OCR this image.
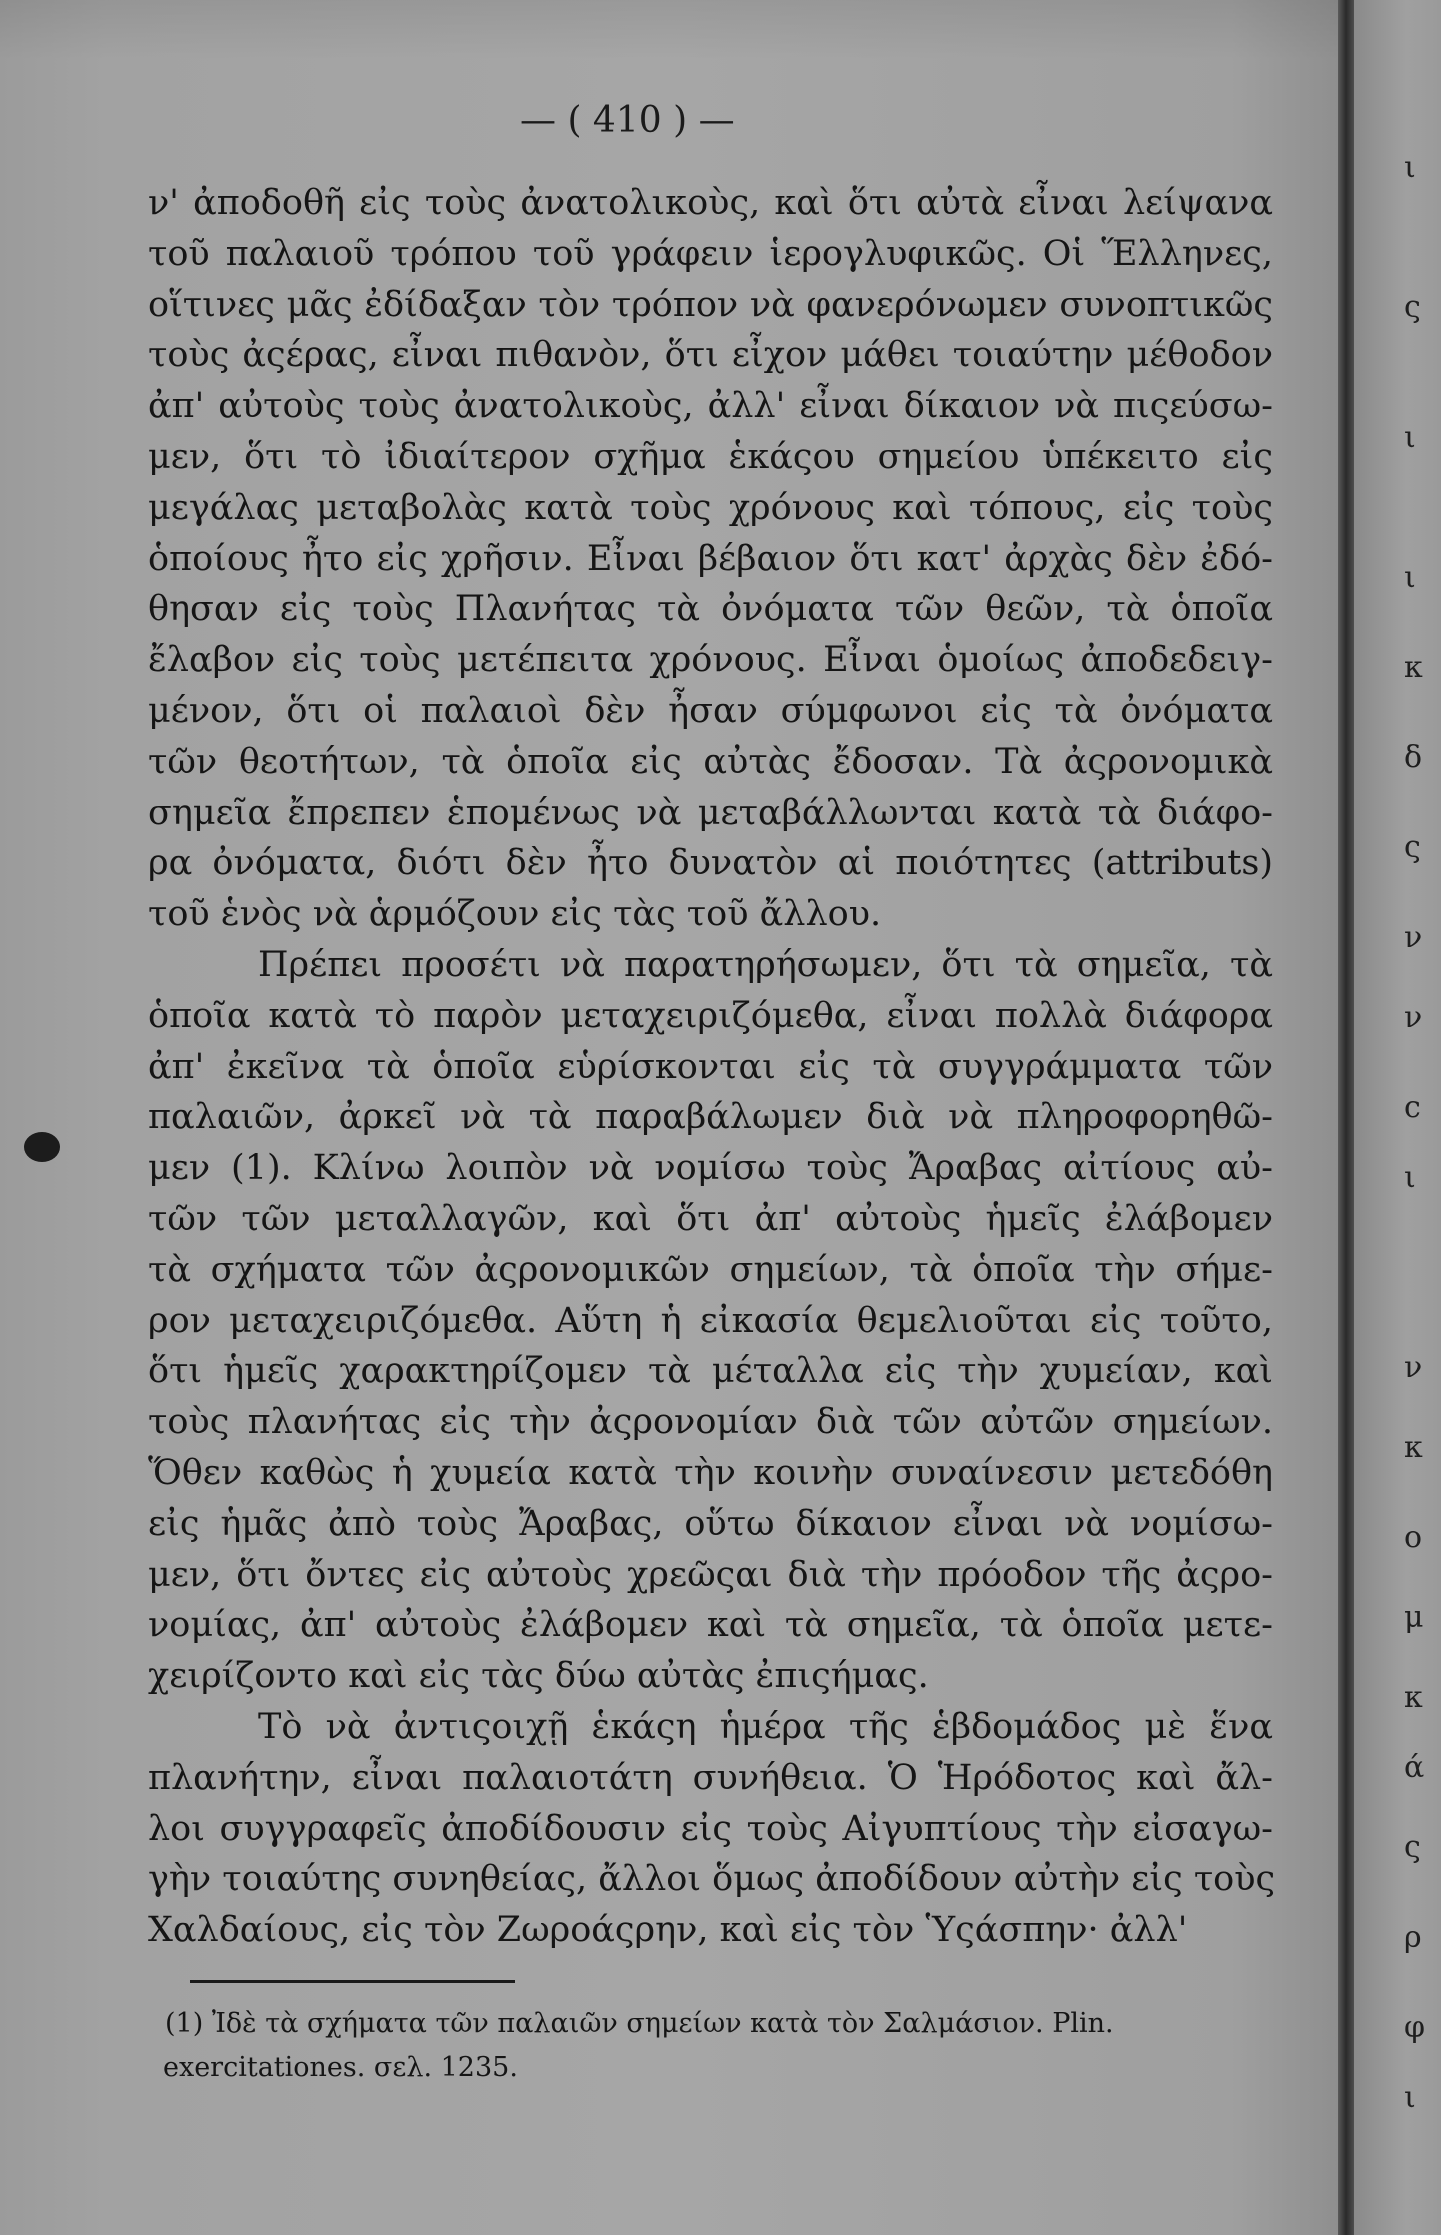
— ( 410 ) —
ν' ἀποδοθῆ εἰς τοὺς ἀνατολικοὺς, καὶ ὅτι αὐτὰ εἶναι λείψανα
τοῦ παλαιοῦ τρόπου τοῦ γράφειν ἱερογλυφικῶς. Οἱ Ἕλληνες,
οἵτινες μᾶς ἐδίδαξαν τὸν τρόπον νὰ φανερόνωμεν συνοπτικῶς
τοὺς ἀςέρας, εἶναι πιθανὸν, ὅτι εἶχον μάθει τοιαύτην μέθοδον
ἀπ' αὐτοὺς τοὺς ἀνατολικοὺς, ἀλλ' εἶναι δίκαιον νὰ πιςεύσω-
μεν, ὅτι τὸ ἰδιαίτερον σχῆμα ἑκάςου σημείου ὑπέκειτο εἰς
μεγάλας μεταβολὰς κατὰ τοὺς χρόνους καὶ τόπους, εἰς τοὺς
ὁποίους ἦτο εἰς χρῆσιν. Εἶναι βέβαιον ὅτι κατ' ἀρχὰς δὲν ἐδό-
θησαν εἰς τοὺς Πλανήτας τὰ ὀνόματα τῶν θεῶν, τὰ ὁποῖα
ἔλαβον εἰς τοὺς μετέπειτα χρόνους. Εἶναι ὁμοίως ἀποδεδειγ-
μένον, ὅτι οἱ παλαιοὶ δὲν ἦσαν σύμφωνοι εἰς τὰ ὀνόματα
τῶν θεοτήτων, τὰ ὁποῖα εἰς αὐτὰς ἔδοσαν. Τὰ ἀςρονομικὰ
σημεῖα ἔπρεπεν ἑπομένως νὰ μεταβάλλωνται κατὰ τὰ διάφο-
ρα ὀνόματα, διότι δὲν ἦτο δυνατὸν αἱ ποιότητες (attributs)
τοῦ ἑνὸς νὰ ἁρμόζουν εἰς τὰς τοῦ ἄλλου.
Πρέπει προσέτι νὰ παρατηρήσωμεν, ὅτι τὰ σημεῖα, τὰ
ὁποῖα κατὰ τὸ παρὸν μεταχειριζόμεθα, εἶναι πολλὰ διάφορα
ἀπ' ἐκεῖνα τὰ ὁποῖα εὑρίσκονται εἰς τὰ συγγράμματα τῶν
παλαιῶν, ἀρκεῖ νὰ τὰ παραβάλωμεν διὰ νὰ πληροφορηθῶ-
μεν (1). Κλίνω λοιπὸν νὰ νομίσω τοὺς Ἄραβας αἰτίους αὐ-
τῶν τῶν μεταλλαγῶν, καὶ ὅτι ἀπ' αὐτοὺς ἡμεῖς ἐλάβομεν
τὰ σχήματα τῶν ἀςρονομικῶν σημείων, τὰ ὁποῖα τὴν σήμε-
ρον μεταχειριζόμεθα. Αὕτη ἡ εἰκασία θεμελιοῦται εἰς τοῦτο,
ὅτι ἡμεῖς χαρακτηρίζομεν τὰ μέταλλα εἰς τὴν χυμείαν, καὶ
τοὺς πλανήτας εἰς τὴν ἀςρονομίαν διὰ τῶν αὐτῶν σημείων.
Ὅθεν καθὼς ἡ χυμεία κατὰ τὴν κοινὴν συναίνεσιν μετεδόθη
εἰς ἡμᾶς ἀπὸ τοὺς Ἄραβας, οὕτω δίκαιον εἶναι νὰ νομίσω-
μεν, ὅτι ὄντες εἰς αὐτοὺς χρεῶςαι διὰ τὴν πρόοδον τῆς ἀςρο-
νομίας, ἀπ' αὐτοὺς ἐλάβομεν καὶ τὰ σημεῖα, τὰ ὁποῖα μετε-
χειρίζοντο καὶ εἰς τὰς δύω αὐτὰς ἐπιςήμας.
Τὸ νὰ ἀντιςοιχῇ ἑκάςη ἡμέρα τῆς ἑβδομάδος μὲ ἕνα
πλανήτην, εἶναι παλαιοτάτη συνήθεια. Ὁ Ἡρόδοτος καὶ ἄλ-
λοι συγγραφεῖς ἀποδίδουσιν εἰς τοὺς Αἰγυπτίους τὴν εἰσαγω-
γὴν τοιαύτης συνηθείας, ἄλλοι ὅμως ἀποδίδουν αὐτὴν εἰς τοὺς
Χαλδαίους, εἰς τὸν Ζωροάςρην, καὶ εἰς τὸν Ὑςάσπην· ἀλλ'
(1) Ἰδὲ τὰ σχήματα τῶν παλαιῶν σημείων κατὰ τὸν Σαλμάσιον. Plin.
exercitationes. σελ. 1235.
ι
ς
ι
ι
κ
δ
ς
ν
ν
ϲ
ι
ν
κ
ο
μ
κ
ά
ς
ρ
φ
ι
